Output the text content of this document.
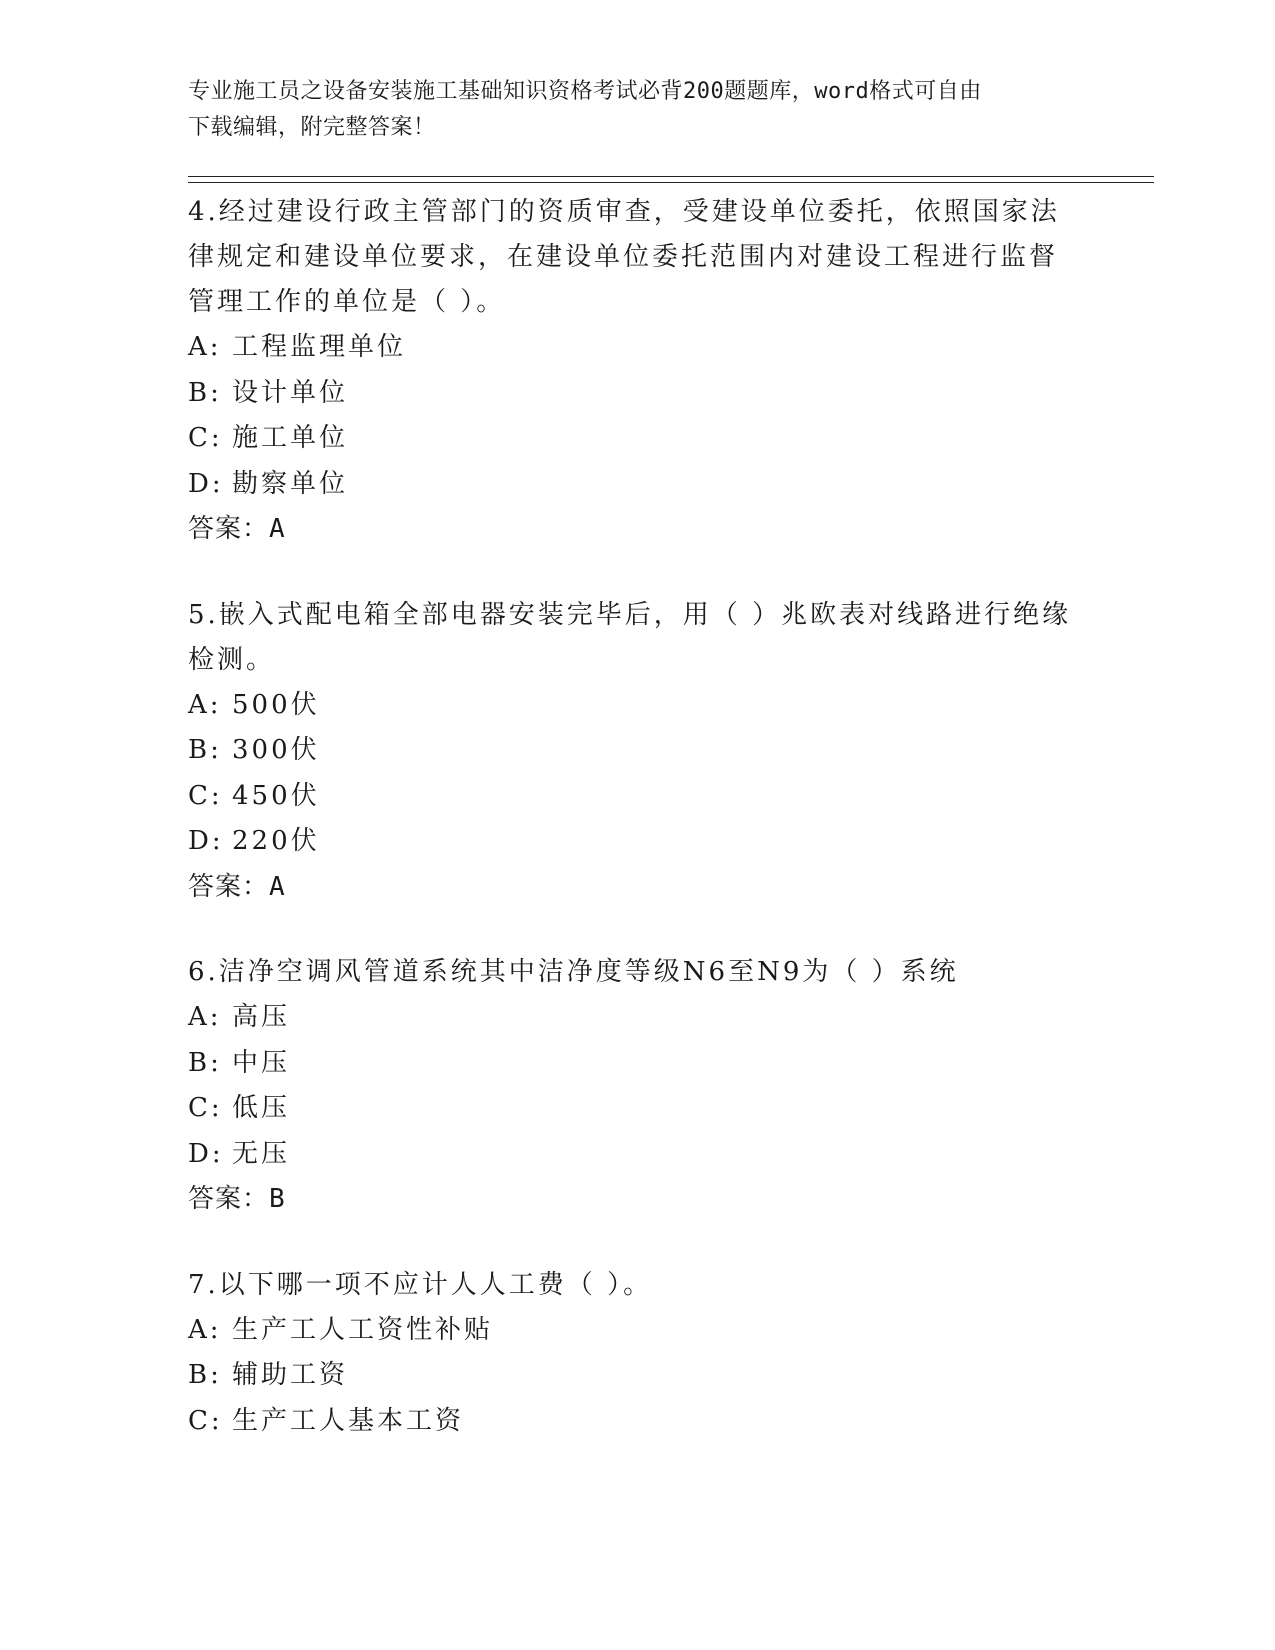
专业施工员之设备安装施工基础知识资格考试必背200题题库，word格式可自由
下载编辑，附完整答案！
4.经过建设行政主管部门的资质审查，受建设单位委托，依照国家法
律规定和建设单位要求，在建设单位委托范围内对建设工程进行监督
管理工作的单位是（ ）。
A: 工程监理单位
B: 设计单位
C: 施工单位
D: 勘察单位
答案：A
5.嵌入式配电箱全部电器安装完毕后，用（ ）兆欧表对线路进行绝缘
检测。
A: 500伏
B: 300伏
C: 450伏
D: 220伏
答案：A
6.洁净空调风管道系统其中洁净度等级N6至N9为（ ）系统
A: 高压
B: 中压
C: 低压
D: 无压
答案：B
7.以下哪一项不应计人人工费（ ）。
A: 生产工人工资性补贴
B: 辅助工资
C: 生产工人基本工资
